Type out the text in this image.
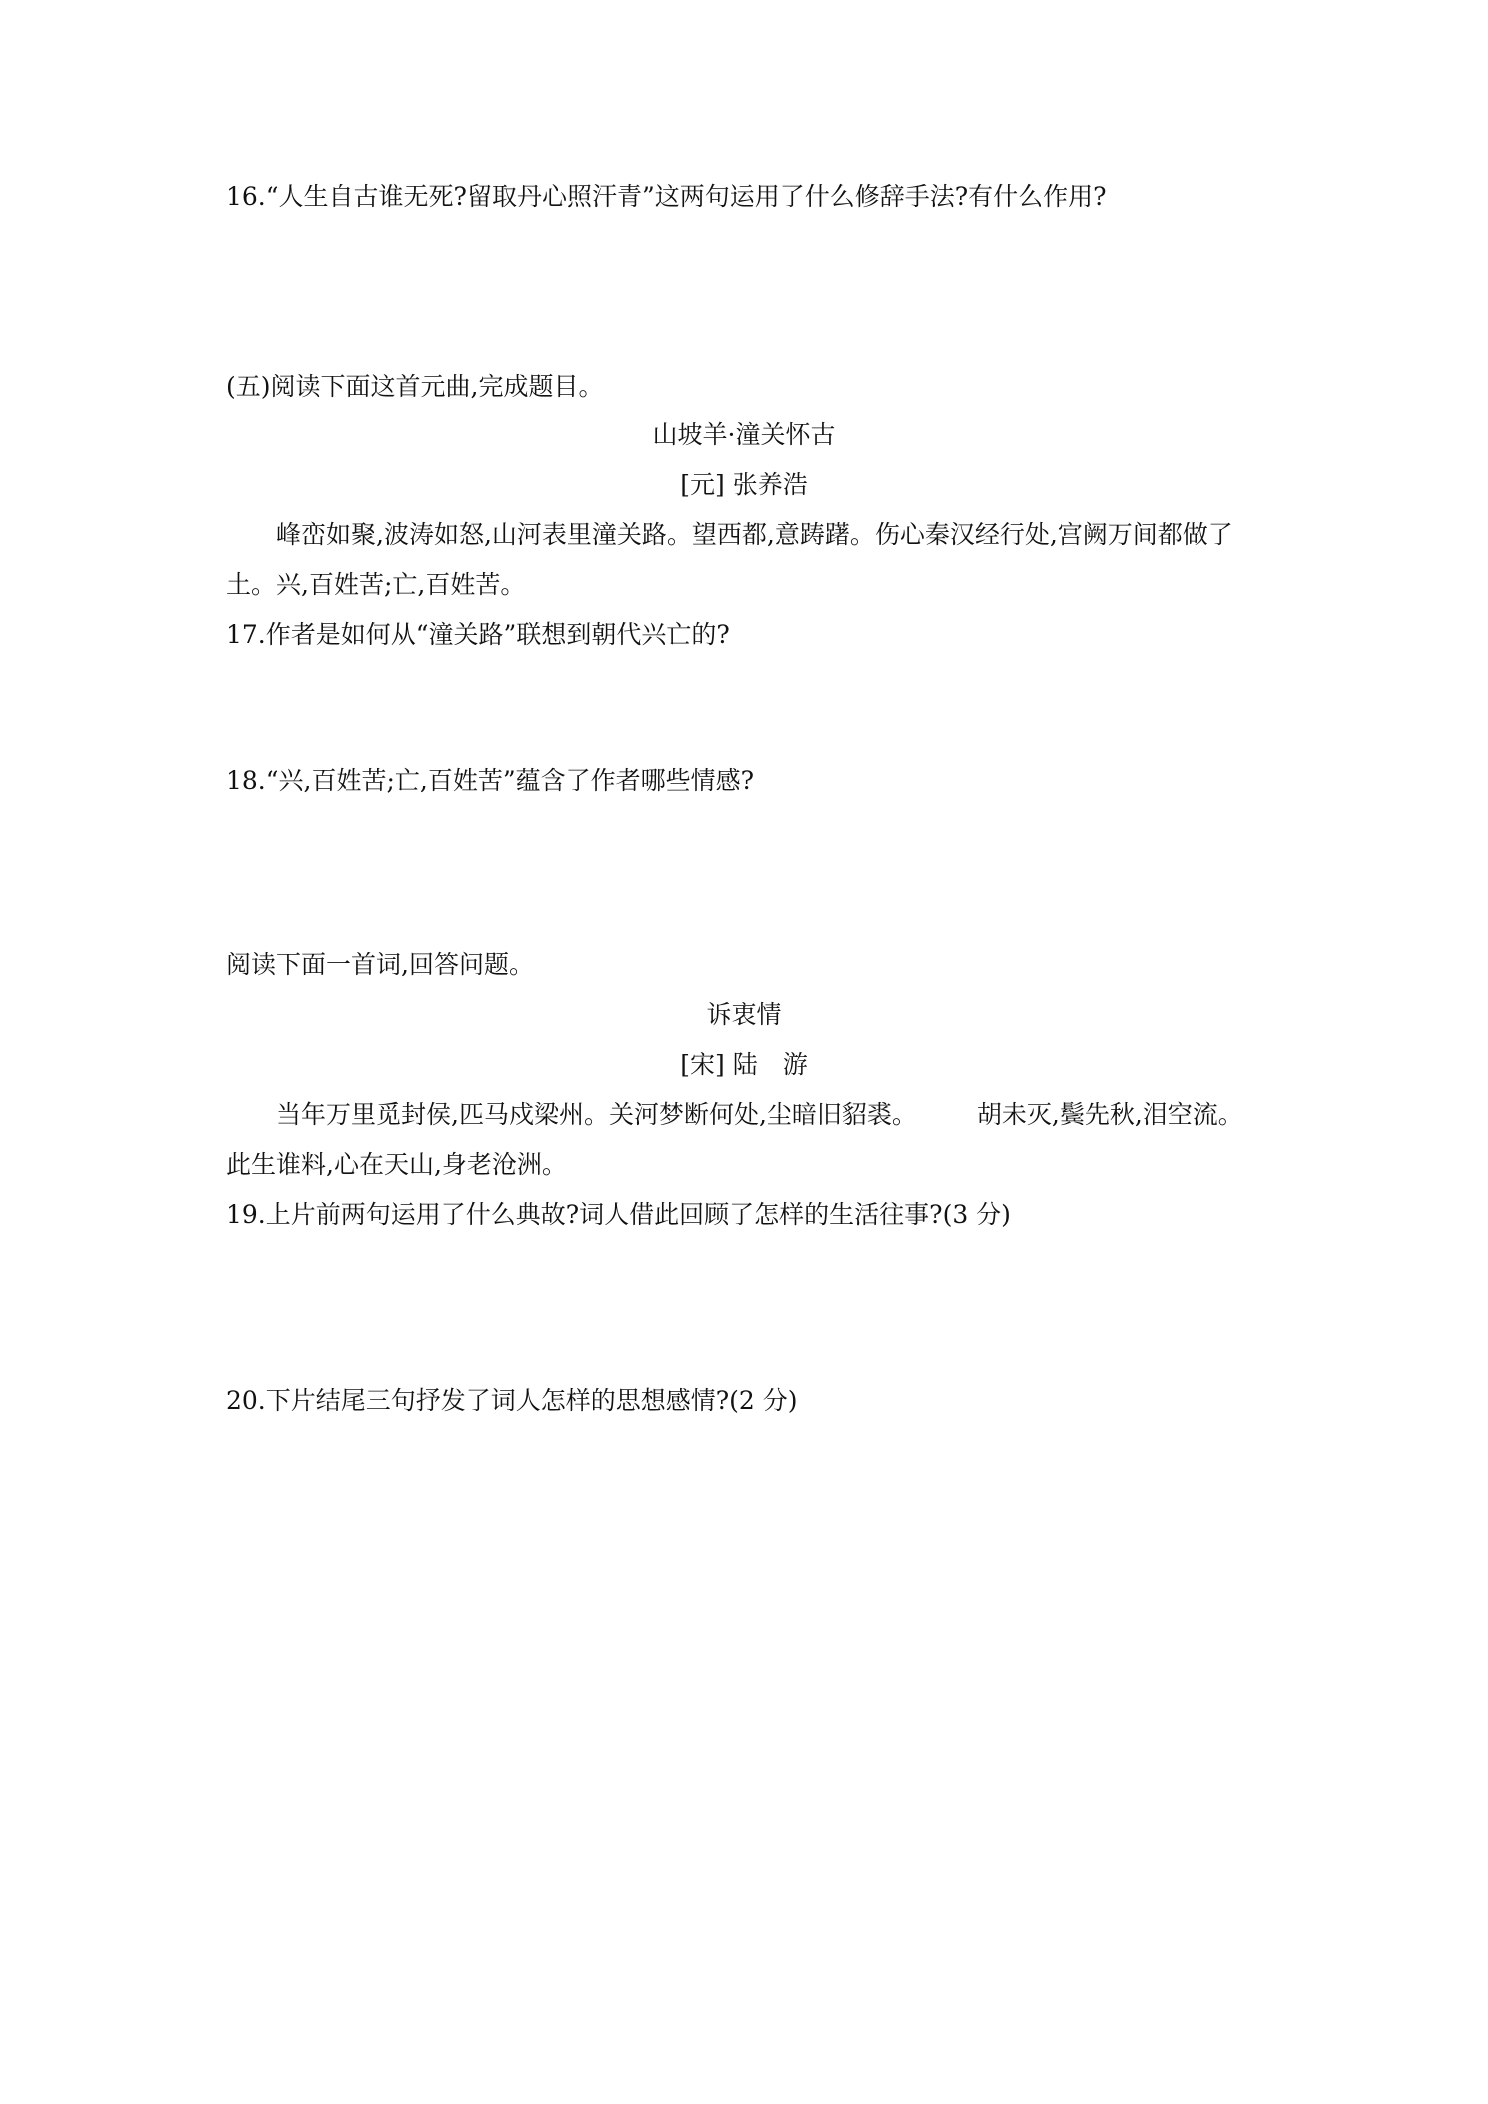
16.“人生自古谁无死?留取丹心照汗青”这两句运用了什么修辞手法?有什么作用?
(五)阅读下面这首元曲,完成题目。
山坡羊·潼关怀古
[元] 张养浩
峰峦如聚,波涛如怒,山河表里潼关路。望西都,意踌躇。伤心秦汉经行处,宫阙万间都做了
土。兴,百姓苦;亡,百姓苦。
17.作者是如何从“潼关路”联想到朝代兴亡的?
18.“兴,百姓苦;亡,百姓苦”蕴含了作者哪些情感?
阅读下面一首词,回答问题。
诉衷情
[宋] 陆　游
当年万里觅封侯,匹马戍梁州。关河梦断何处,尘暗旧貂裘。 胡未灭,鬓先秋,泪空流。
此生谁料,心在天山,身老沧洲。
19.上片前两句运用了什么典故?词人借此回顾了怎样的生活往事?(3 分)
20.下片结尾三句抒发了词人怎样的思想感情?(2 分)
